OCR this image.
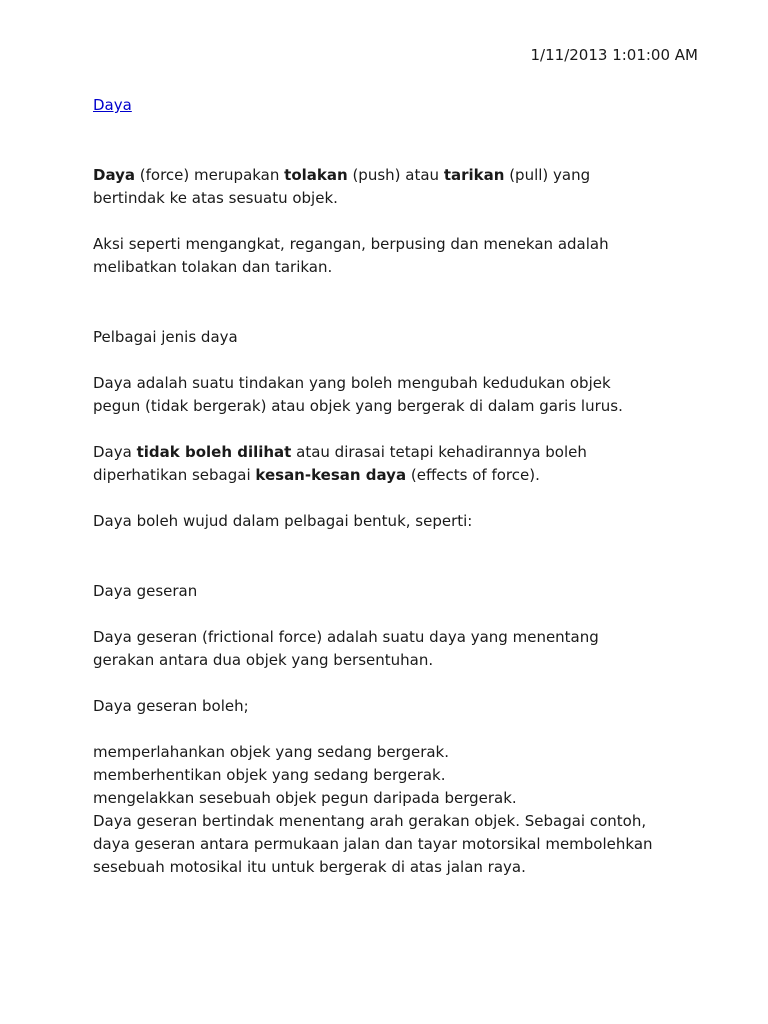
1/11/2013 1:01:00 AM

Daya

Daya (force) merupakan tolakan (push) atau tarikan (pull) yang
bertindak ke atas sesuatu objek.

Aksi seperti mengangkat, regangan, berpusing dan menekan adalah
melibatkan tolakan dan tarikan.

Pelbagai jenis daya

Daya adalah suatu tindakan yang boleh mengubah kedudukan objek
pegun (tidak bergerak) atau objek yang bergerak di dalam garis lurus.

Daya tidak boleh dilihat atau dirasai tetapi kehadirannya boleh
diperhatikan sebagai kesan-kesan daya (effects of force).

Daya boleh wujud dalam pelbagai bentuk, seperti:

Daya geseran

Daya geseran (frictional force) adalah suatu daya yang menentang
gerakan antara dua objek yang bersentuhan.

Daya geseran boleh;

memperlahankan objek yang sedang bergerak.
memberhentikan objek yang sedang bergerak.
mengelakkan sesebuah objek pegun daripada bergerak.
Daya geseran bertindak menentang arah gerakan objek. Sebagai contoh,
daya geseran antara permukaan jalan dan tayar motorsikal membolehkan
sesebuah motosikal itu untuk bergerak di atas jalan raya.
